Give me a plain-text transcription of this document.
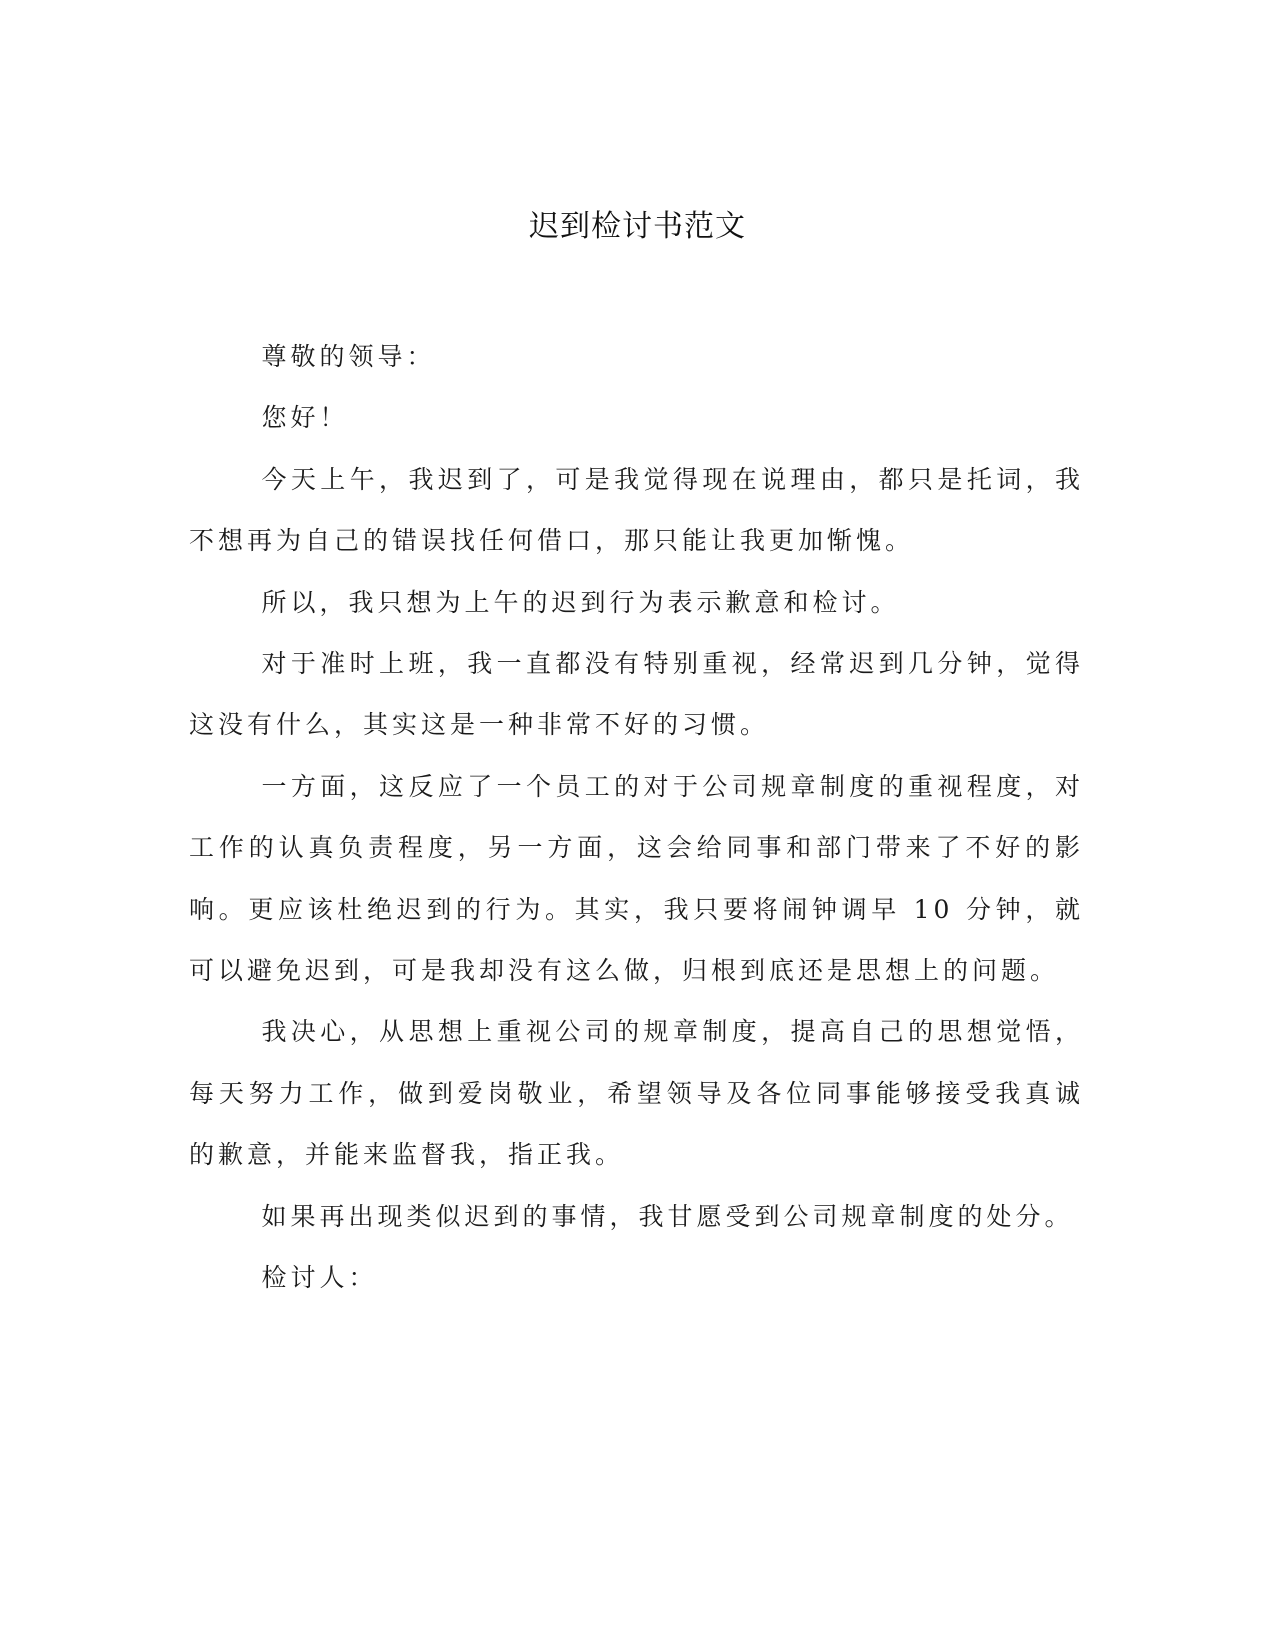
迟到检讨书范文

尊敬的领导：

您好！

今天上午，我迟到了，可是我觉得现在说理由，都只是托词，我不想再为自己的错误找任何借口，那只能让我更加惭愧。

所以，我只想为上午的迟到行为表示歉意和检讨。

对于准时上班，我一直都没有特别重视，经常迟到几分钟，觉得这没有什么，其实这是一种非常不好的习惯。

一方面，这反应了一个员工的对于公司规章制度的重视程度，对工作的认真负责程度，另一方面，这会给同事和部门带来了不好的影响。更应该杜绝迟到的行为。其实，我只要将闹钟调早 10 分钟，就可以避免迟到，可是我却没有这么做，归根到底还是思想上的问题。

我决心，从思想上重视公司的规章制度，提高自己的思想觉悟，每天努力工作，做到爱岗敬业，希望领导及各位同事能够接受我真诚的歉意，并能来监督我，指正我。

如果再出现类似迟到的事情，我甘愿受到公司规章制度的处分。

检讨人：
